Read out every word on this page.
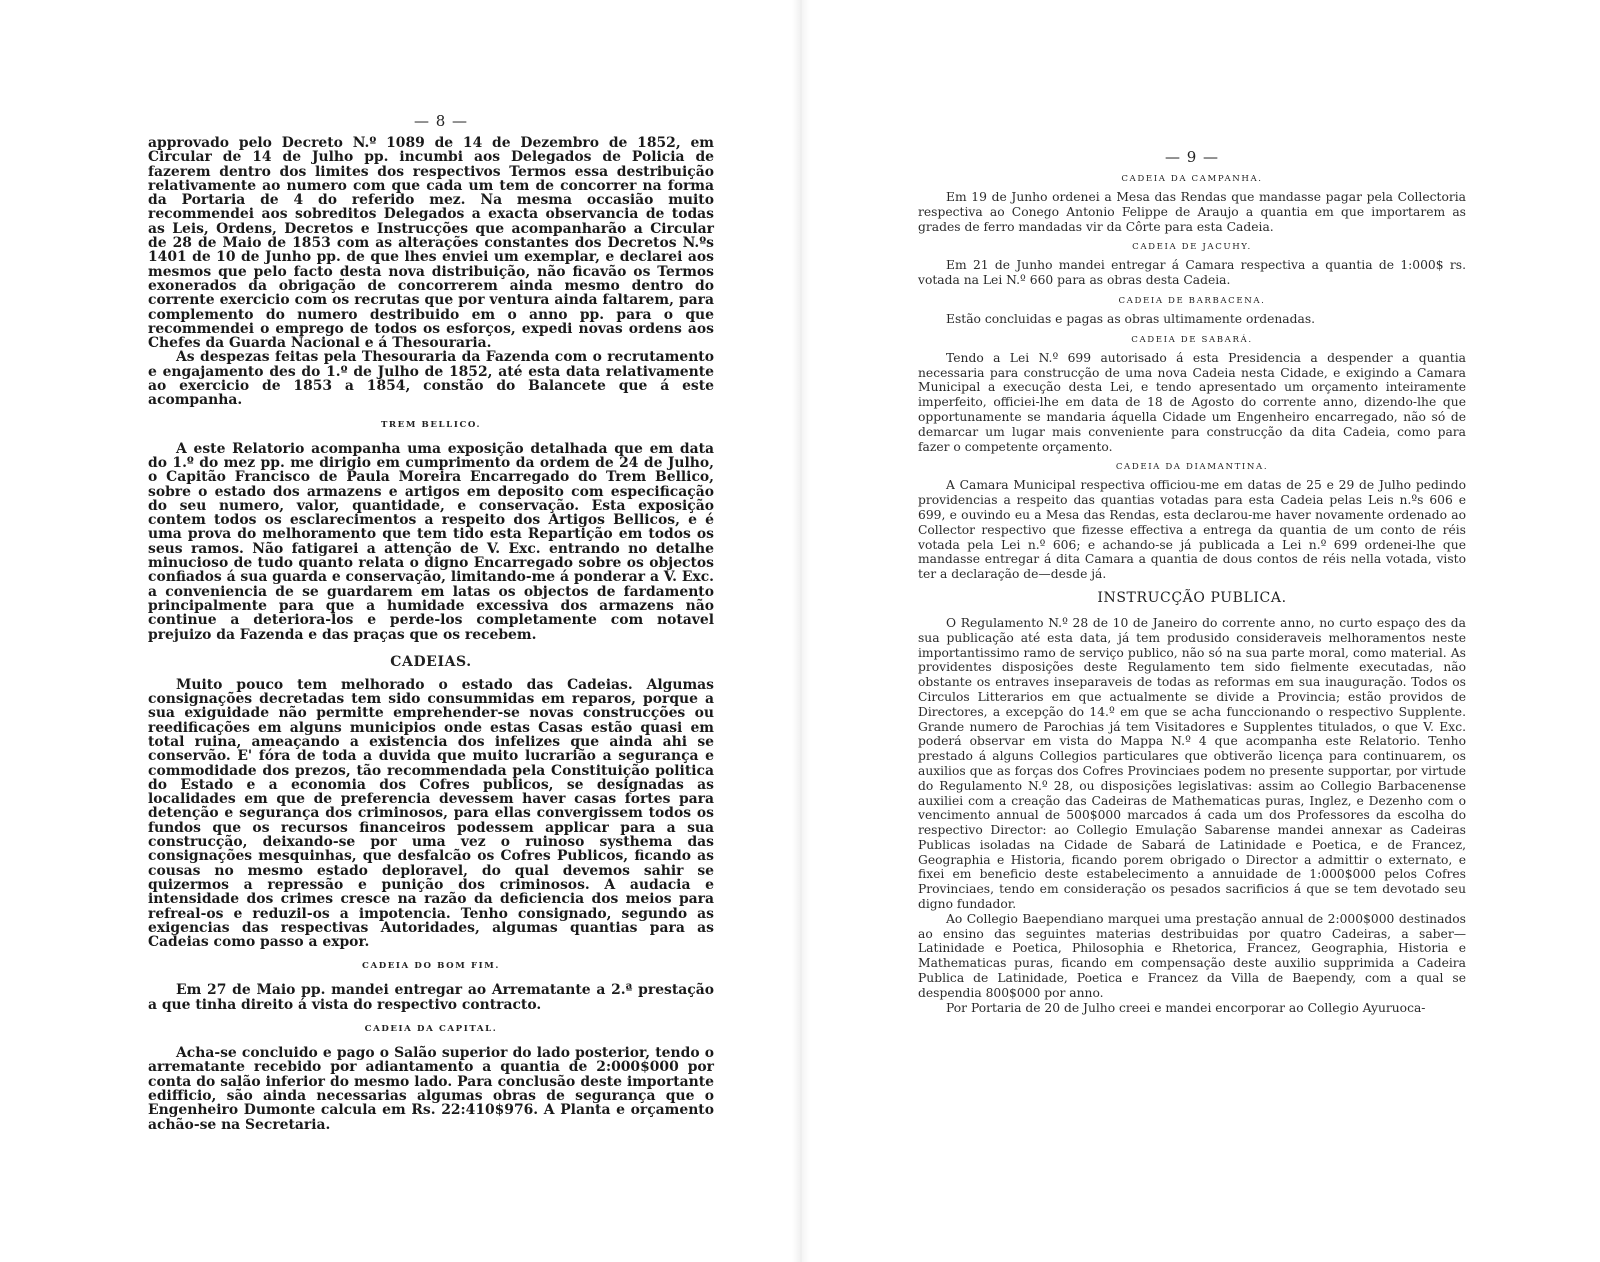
— 8 —

approvado pelo Decreto N.º 1089 de 14 de Dezembro de 1852, em Circular de 14 de Julho pp. incumbi aos Delegados de Policia de fazerem dentro dos limites dos respectivos Termos essa destribuição relativamente ao numero com que cada um tem de concorrer na forma da Portaria de 4 do referido mez. Na mesma occasião muito recommendei aos sobreditos Delegados a exacta observancia de todas as Leis, Ordens, Decretos e Instrucções que acompanharão a Circular de 28 de Maio de 1853 com as alterações constantes dos Decretos N.ºs 1401 de 10 de Junho pp. de que lhes enviei um exemplar, e declarei aos mesmos que pelo facto desta nova distribuição, não ficavão os Termos exonerados da obrigação de concorrerem ainda mesmo dentro do corrente exercicio com os recrutas que por ventura ainda faltarem, para complemento do numero destribuido em o anno pp. para o que recommendei o emprego de todos os esforços, expedi novas ordens aos Chefes da Guarda Nacional e á Thesouraria.

As despezas feitas pela Thesouraria da Fazenda com o recrutamento e engajamento des do 1.º de Julho de 1852, até esta data relativamente ao exercicio de 1853 a 1854, constão do Balancete que á este acompanha.

TREM BELLICO.

A este Relatorio acompanha uma exposição detalhada que em data do 1.º do mez pp. me dirigio em cumprimento da ordem de 24 de Julho, o Capitão Francisco de Paula Moreira Encarregado do Trem Bellico, sobre o estado dos armazens e artigos em deposito com especificação do seu numero, valor, quantidade, e conservação. Esta exposição contem todos os esclarecimentos a respeito dos Artigos Bellicos, e é uma prova do melhoramento que tem tido esta Repartição em todos os seus ramos. Não fatigarei a attenção de V. Exc. entrando no detalhe minucioso de tudo quanto relata o digno Encarregado sobre os objectos confiados á sua guarda e conservação, limitando-me á ponderar a V. Exc. a conveniencia de se guardarem em latas os objectos de fardamento principalmente para que a humidade excessiva dos armazens não continue a deteriora-los e perde-los completamente com notavel prejuizo da Fazenda e das praças que os recebem.

CADEIAS.

Muito pouco tem melhorado o estado das Cadeias. Algumas consignações decretadas tem sido consummidas em reparos, porque a sua exiguidade não permitte emprehender-se novas construcções ou reedificações em alguns municipios onde estas Casas estão quasi em total ruina, ameaçando a existencia dos infelizes que ainda ahi se conservão. E' fóra de toda a duvida que muito lucrarião a segurança e commodidade dos prezos, tão recommendada pela Constituição politica do Estado e a economia dos Cofres publicos, se designadas as localidades em que de preferencia devessem haver casas fortes para detenção e segurança dos criminosos, para ellas convergissem todos os fundos que os recursos financeiros podessem applicar para a sua construcção, deixando-se por uma vez o ruinoso systhema das consignações mesquinhas, que desfalcão os Cofres Publicos, ficando as cousas no mesmo estado deploravel, do qual devemos sahir se quizermos a repressão e punição dos criminosos. A audacia e intensidade dos crimes cresce na razão da deficiencia dos meios para refreal-os e reduzil-os a impotencia. Tenho consignado, segundo as exigencias das respectivas Autoridades, algumas quantias para as Cadeias como passo a expor.

CADEIA DO BOM FIM.

Em 27 de Maio pp. mandei entregar ao Arrematante a 2.ª prestação a que tinha direito á vista do respectivo contracto.

CADEIA DA CAPITAL.

Acha-se concluido e pago o Salão superior do lado posterior, tendo o arrematante recebido por adiantamento a quantia de 2:000$000 por conta do salão inferior do mesmo lado. Para conclusão deste importante edifficio, são ainda necessarias algumas obras de segurança que o Engenheiro Dumonte calcula em Rs. 22:410$976. A Planta e orçamento achão-se na Secretaria.

— 9 —
CADEIA DA CAMPANHA.

Em 19 de Junho ordenei a Mesa das Rendas que mandasse pagar pela Collectoria respectiva ao Conego Antonio Felippe de Araujo a quantia em que importarem as grades de ferro mandadas vir da Côrte para esta Cadeia.

CADEIA DE JACUHY.

Em 21 de Junho mandei entregar á Camara respectiva a quantia de 1:000$ rs. votada na Lei N.º 660 para as obras desta Cadeia.

CADEIA DE BARBACENA.

Estão concluidas e pagas as obras ultimamente ordenadas.

CADEIA DE SABARÁ.

Tendo a Lei N.º 699 autorisado á esta Presidencia a despender a quantia necessaria para construcção de uma nova Cadeia nesta Cidade, e exigindo a Camara Municipal a execução desta Lei, e tendo apresentado um orçamento inteiramente imperfeito, officiei-lhe em data de 18 de Agosto do corrente anno, dizendo-lhe que opportunamente se mandaria áquella Cidade um Engenheiro encarregado, não só de demarcar um lugar mais conveniente para construcção da dita Cadeia, como para fazer o competente orçamento.

CADEIA DA DIAMANTINA.

A Camara Municipal respectiva officiou-me em datas de 25 e 29 de Julho pedindo providencias a respeito das quantias votadas para esta Cadeia pelas Leis n.ºs 606 e 699, e ouvindo eu a Mesa das Rendas, esta declarou-me haver novamente ordenado ao Collector respectivo que fizesse effectiva a entrega da quantia de um conto de réis votada pela Lei n.º 606; e achando-se já publicada a Lei n.º 699 ordenei-lhe que mandasse entregar á dita Camara a quantia de dous contos de réis nella votada, visto ter a declaração de—desde já.

INSTRUCÇÃO PUBLICA.

O Regulamento N.º 28 de 10 de Janeiro do corrente anno, no curto espaço des da sua publicação até esta data, já tem produsido consideraveis melhoramentos neste importantissimo ramo de serviço publico, não só na sua parte moral, como material. As providentes disposições deste Regulamento tem sido fielmente executadas, não obstante os entraves inseparaveis de todas as reformas em sua inauguração. Todos os Circulos Litterarios em que actualmente se divide a Provincia; estão providos de Directores, a excepção do 14.º em que se acha funccionando o respectivo Supplente. Grande numero de Parochias já tem Visitadores e Supplentes titulados, o que V. Exc. poderá observar em vista do Mappa N.º 4 que acompanha este Relatorio. Tenho prestado á alguns Collegios particulares que obtiverão licença para continuarem, os auxilios que as forças dos Cofres Provinciaes podem no presente supportar, por virtude do Regulamento N.º 28, ou disposições legislativas: assim ao Collegio Barbacenense auxiliei com a creação das Cadeiras de Mathematicas puras, Inglez, e Dezenho com o vencimento annual de 500$000 marcados á cada um dos Professores da escolha do respectivo Director: ao Collegio Emulação Sabarense mandei annexar as Cadeiras Publicas isoladas na Cidade de Sabará de Latinidade e Poetica, e de Francez, Geographia e Historia, ficando porem obrigado o Director a admittir o externato, e fixei em beneficio deste estabelecimento a annuidade de 1:000$000 pelos Cofres Provinciaes, tendo em consideração os pesados sacrificios á que se tem devotado seu digno fundador.

Ao Collegio Baependiano marquei uma prestação annual de 2:000$000 destinados ao ensino das seguintes materias destribuidas por quatro Cadeiras, a saber—Latinidade e Poetica, Philosophia e Rhetorica, Francez, Geographia, Historia e Mathematicas puras, ficando em compensação deste auxilio supprimida a Cadeira Publica de Latinidade, Poetica e Francez da Villa de Baependy, com a qual se despendia 800$000 por anno.

Por Portaria de 20 de Julho creei e mandei encorporar ao Collegio Ayuruoca-
